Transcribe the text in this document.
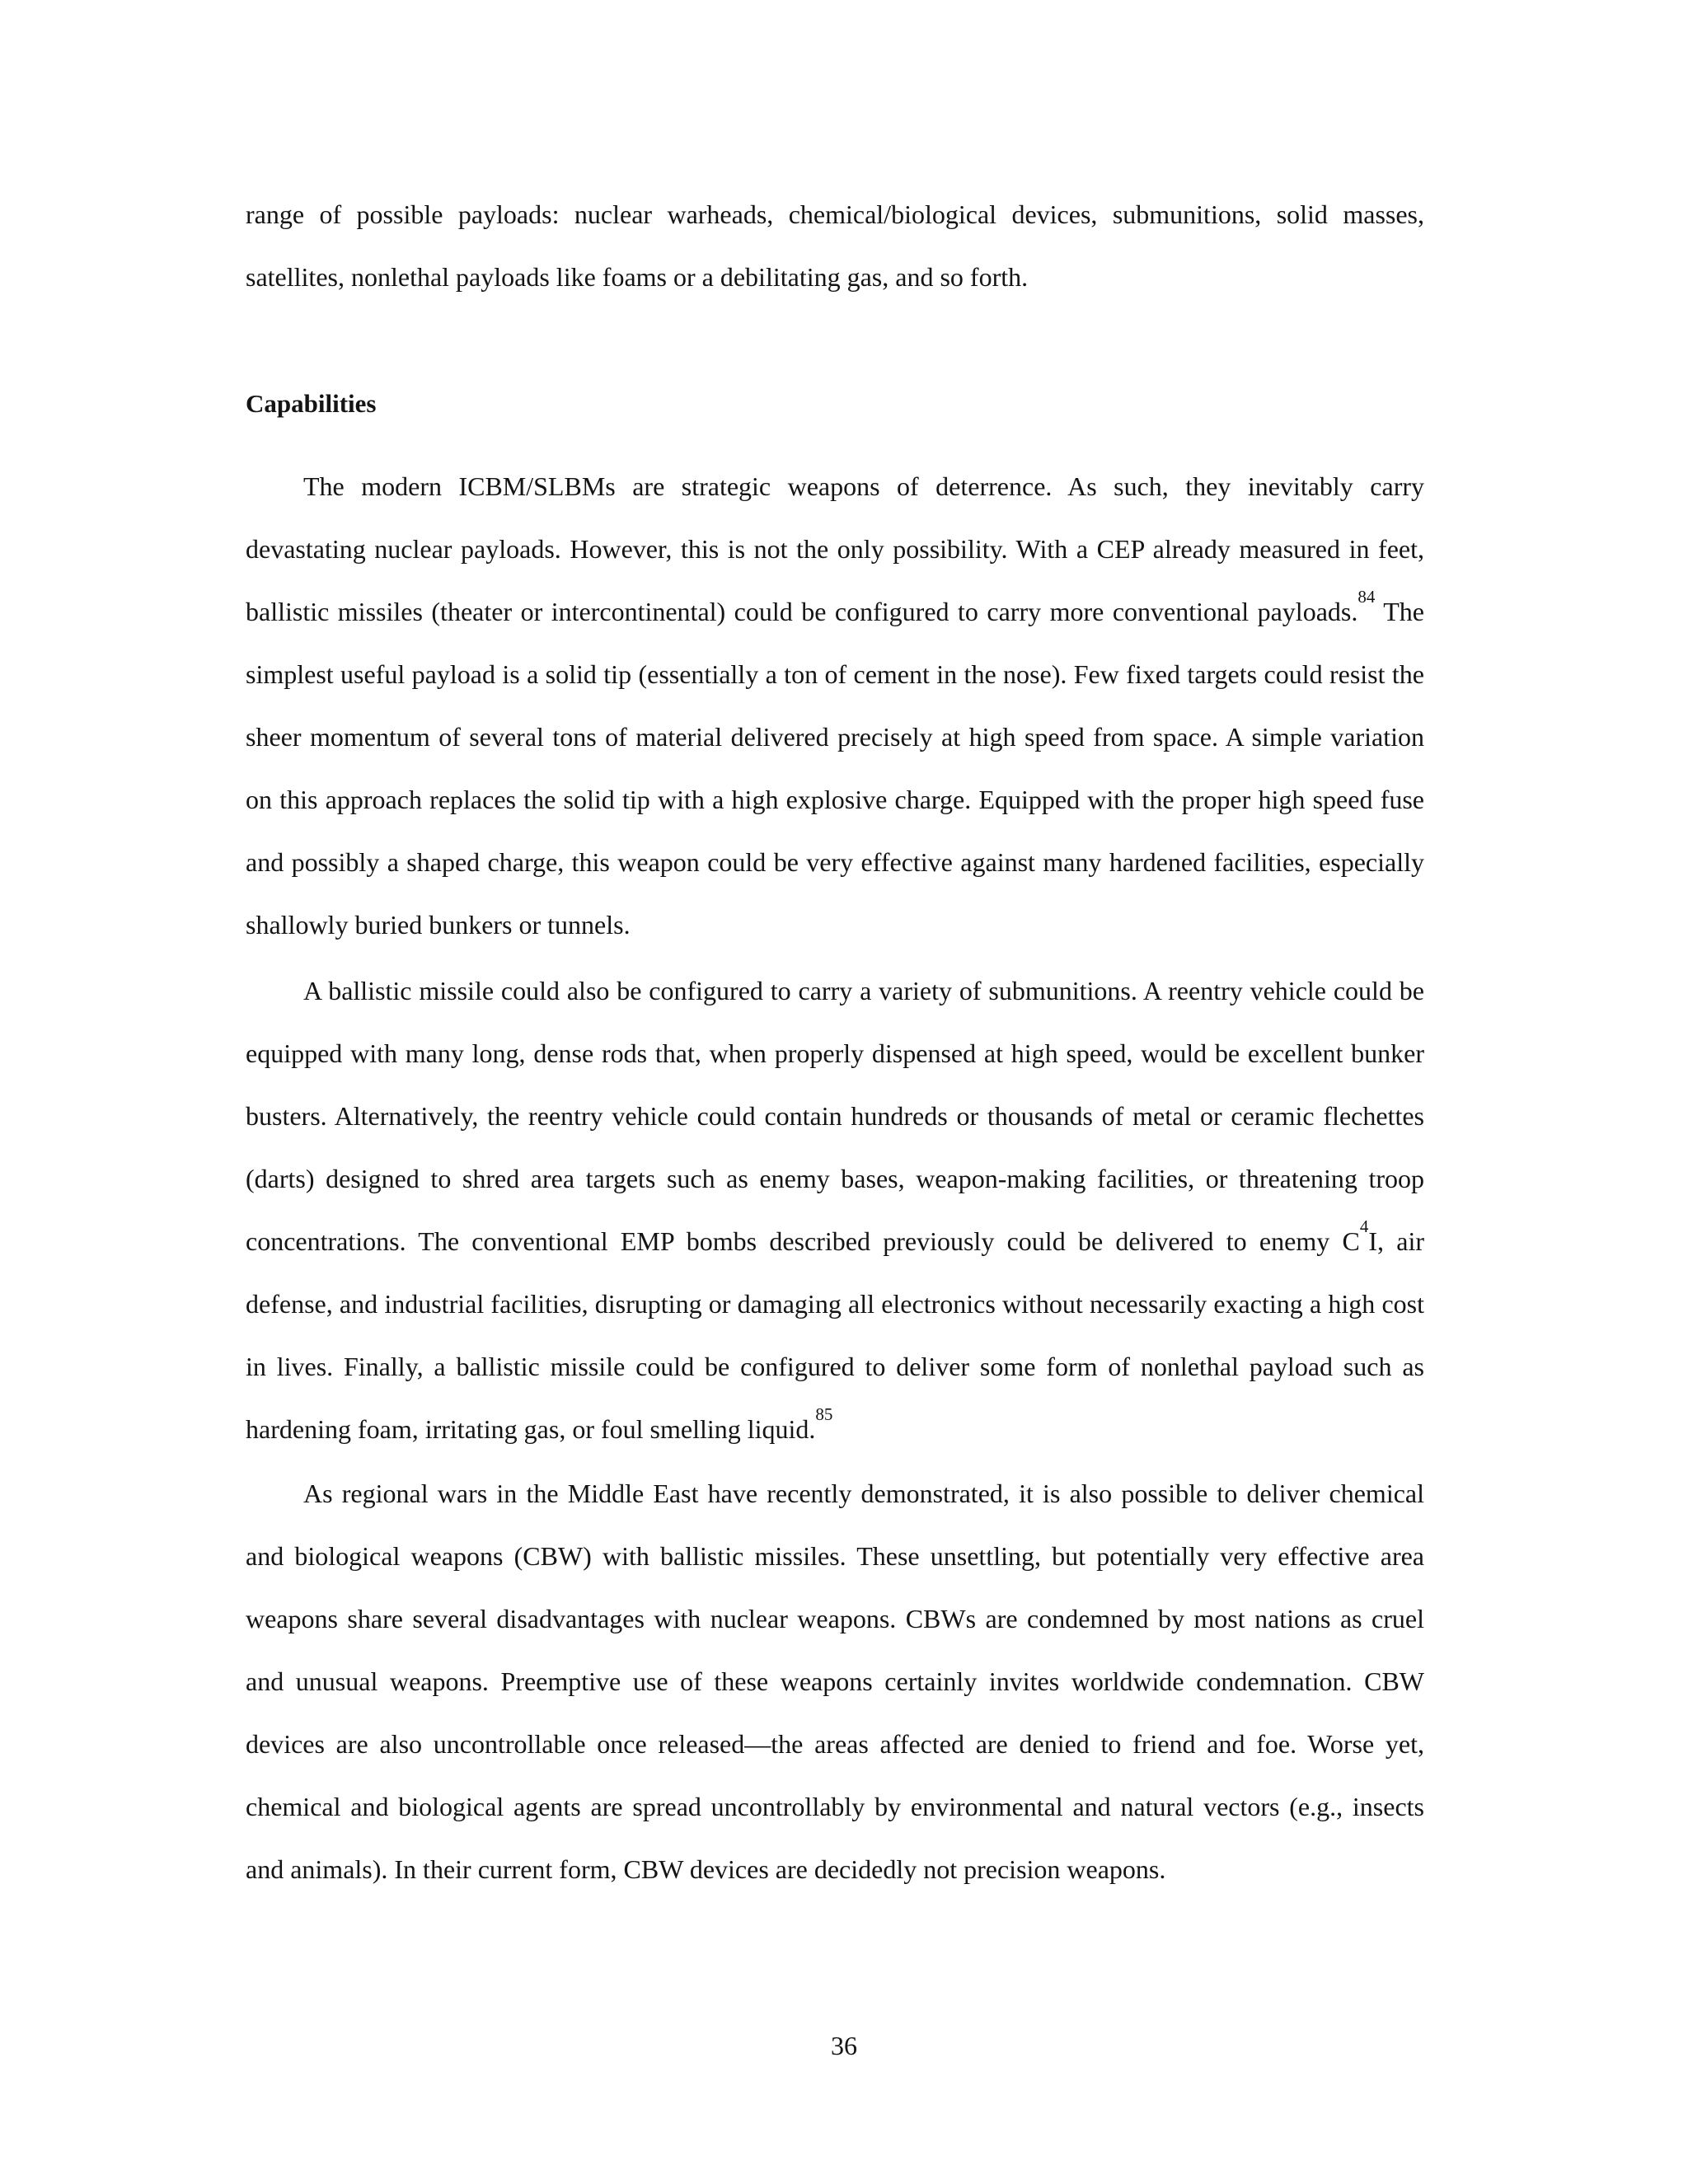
range of possible payloads: nuclear warheads, chemical/biological devices, submunitions, solid masses, satellites, nonlethal payloads like foams or a debilitating gas, and so forth.

Capabilities

The modern ICBM/SLBMs are strategic weapons of deterrence. As such, they inevitably carry devastating nuclear payloads. However, this is not the only possibility. With a CEP already measured in feet, ballistic missiles (theater or intercontinental) could be configured to carry more conventional payloads.$^{84}$ The simplest useful payload is a solid tip (essentially a ton of cement in the nose). Few fixed targets could resist the sheer momentum of several tons of material delivered precisely at high speed from space. A simple variation on this approach replaces the solid tip with a high explosive charge. Equipped with the proper high speed fuse and possibly a shaped charge, this weapon could be very effective against many hardened facilities, especially shallowly buried bunkers or tunnels.

A ballistic missile could also be configured to carry a variety of submunitions. A reentry vehicle could be equipped with many long, dense rods that, when properly dispensed at high speed, would be excellent bunker busters. Alternatively, the reentry vehicle could contain hundreds or thousands of metal or ceramic flechettes (darts) designed to shred area targets such as enemy bases, weapon-making facilities, or threatening troop concentrations. The conventional EMP bombs described previously could be delivered to enemy $C^4I$, air defense, and industrial facilities, disrupting or damaging all electronics without necessarily exacting a high cost in lives. Finally, a ballistic missile could be configured to deliver some form of nonlethal payload such as hardening foam, irritating gas, or foul smelling liquid.$^{85}$

As regional wars in the Middle East have recently demonstrated, it is also possible to deliver chemical and biological weapons (CBW) with ballistic missiles. These unsettling, but potentially very effective area weapons share several disadvantages with nuclear weapons. CBWs are condemned by most nations as cruel and unusual weapons. Preemptive use of these weapons certainly invites worldwide condemnation. CBW devices are also uncontrollable once released—the areas affected are denied to friend and foe. Worse yet, chemical and biological agents are spread uncontrollably by environmental and natural vectors (e.g., insects and animals). In their current form, CBW devices are decidedly not precision weapons.

36
